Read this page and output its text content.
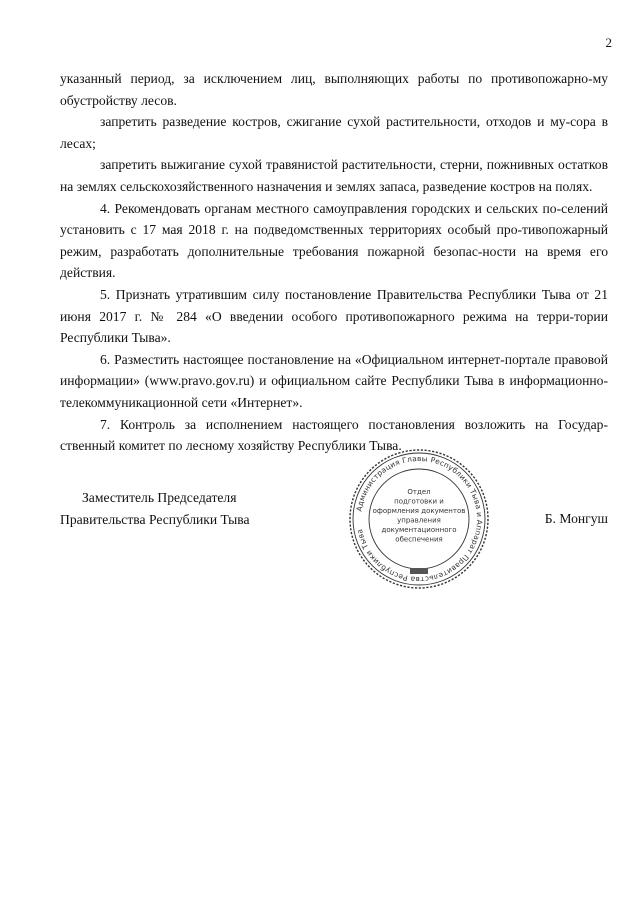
2

указанный период, за исключением лиц, выполняющих работы по противопожарно-му обустройству лесов.

запретить разведение костров, сжигание сухой растительности, отходов и му-сора в лесах;

запретить выжигание сухой травянистой растительности, стерни, пожнивных остатков на землях сельскохозяйственного назначения и землях запаса, разведение костров на полях.

4. Рекомендовать органам местного самоуправления городских и сельских по-селений установить с 17 мая 2018 г. на подведомственных территориях особый про-тивопожарный режим, разработать дополнительные требования пожарной безопас-ности на время его действия.

5. Признать утратившим силу постановление Правительства Республики Тыва от 21 июня 2017 г. № 284 «О введении особого противопожарного режима на терри-тории Республики Тыва».

6. Разместить настоящее постановление на «Официальном интернет-портале правовой информации» (www.pravo.gov.ru) и официальном сайте Республики Тыва в информационно-телекоммуникационной сети «Интернет».

7. Контроль за исполнением настоящего постановления возложить на Государ-ственный комитет по лесному хозяйству Республики Тыва.

Заместитель Председателя
Правительства Республики Тыва	Б. Монгуш
Администрация Главы Республики Тыва и Аппарат Правительства Республики Тыва
Отдел
подготовки и
оформления документов
управления
документационного
обеспечения
